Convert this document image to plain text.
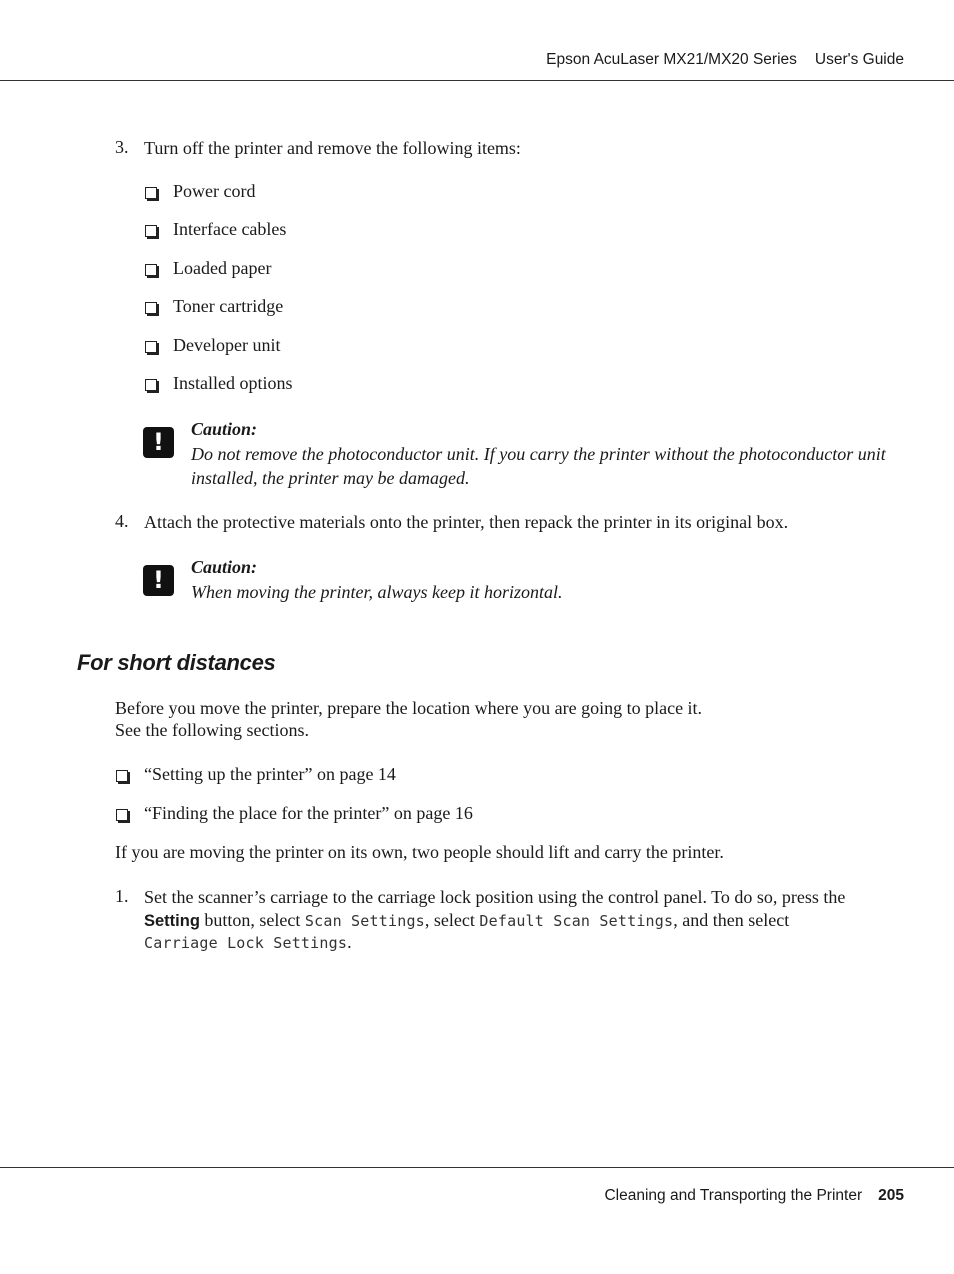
Epson AcuLaser MX21/MX20 Series User's Guide
3. Turn off the printer and remove the following items:
Power cord
Interface cables
Loaded paper
Toner cartridge
Developer unit
Installed options
!	Caution:
Do not remove the photoconductor unit. If you carry the printer without the photoconductor unit installed, the printer may be damaged.
4. Attach the protective materials onto the printer, then repack the printer in its original box.
!	Caution:
When moving the printer, always keep it horizontal.
For short distances
Before you move the printer, prepare the location where you are going to place it.
See the following sections.
“Setting up the printer” on page 14
“Finding the place for the printer” on page 16
If you are moving the printer on its own, two people should lift and carry the printer.
1. Set the scanner’s carriage to the carriage lock position using the control panel. To do so, press the
Setting button, select Scan Settings, select Default Scan Settings, and then select
Carriage Lock Settings.
Cleaning and Transporting the Printer 205
